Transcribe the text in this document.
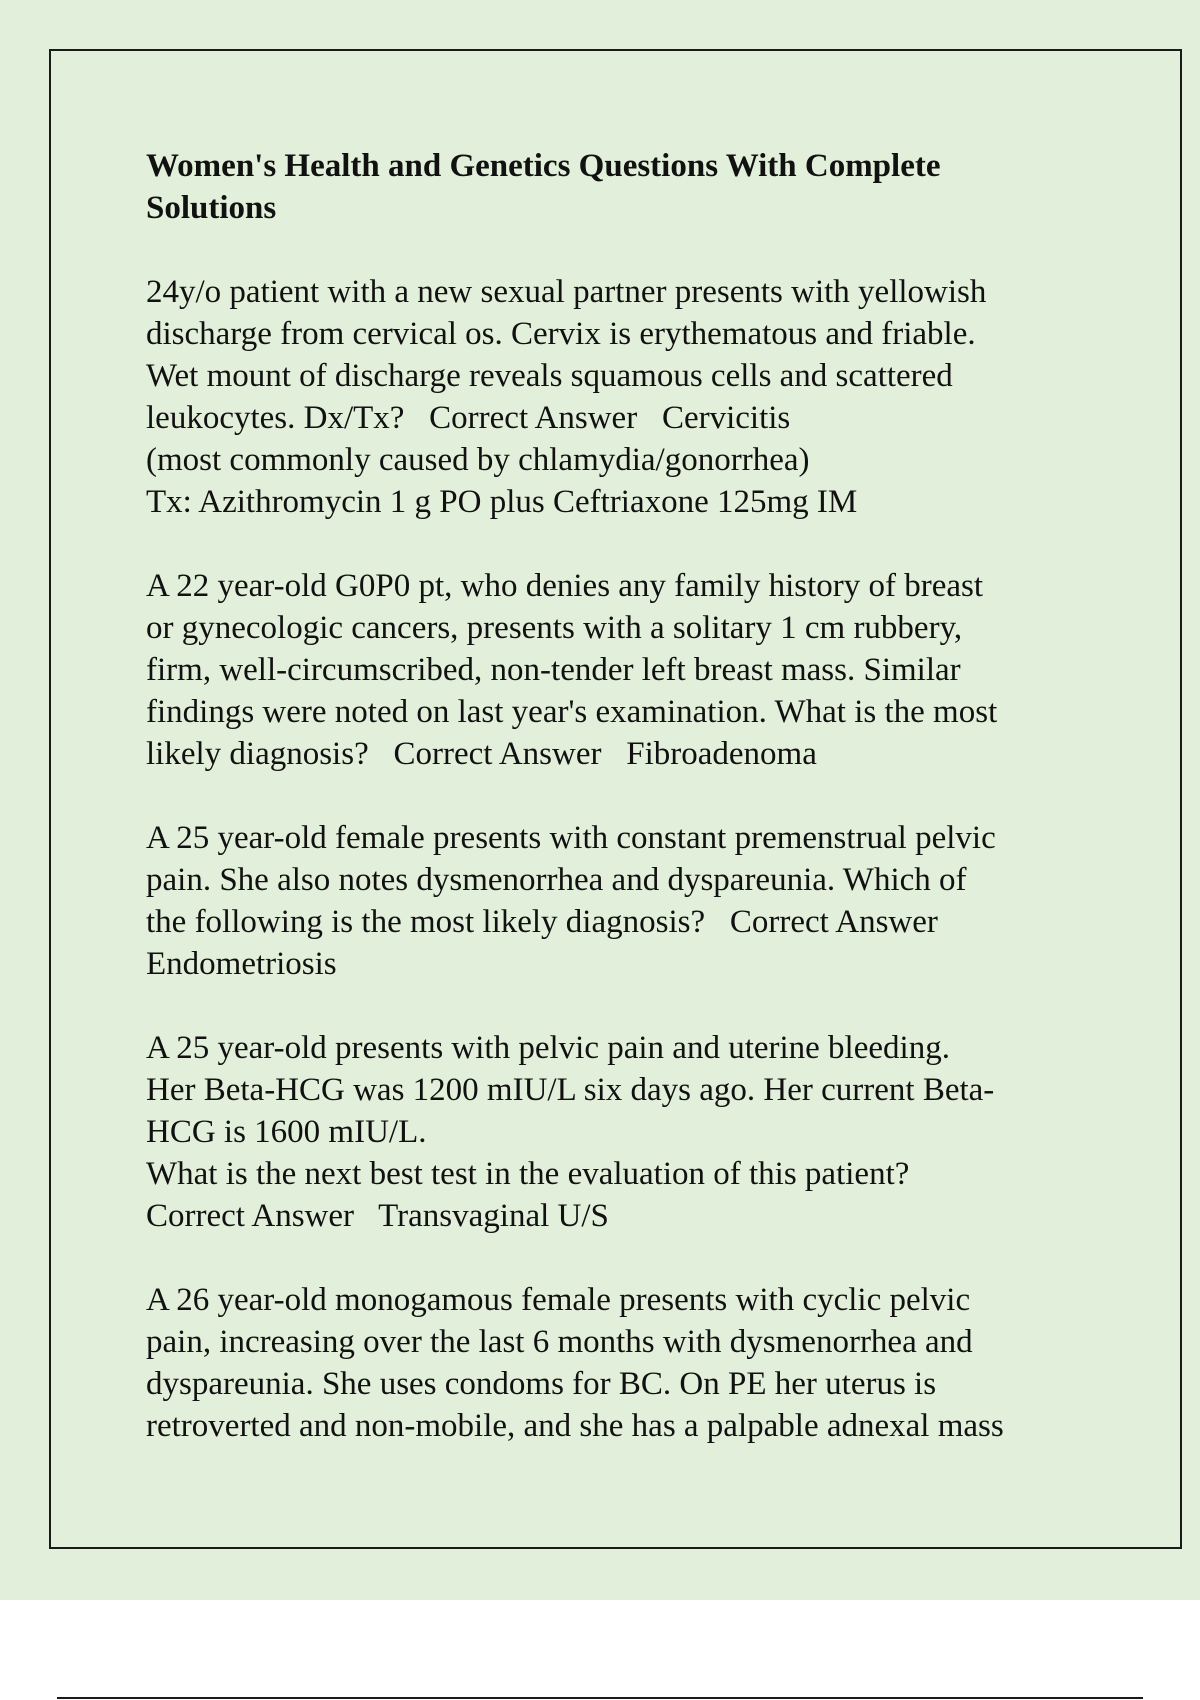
Women's Health and Genetics Questions With Complete
Solutions
24y/o patient with a new sexual partner presents with yellowish
discharge from cervical os. Cervix is erythematous and friable.
Wet mount of discharge reveals squamous cells and scattered
leukocytes. Dx/Tx?   Correct Answer   Cervicitis
(most commonly caused by chlamydia/gonorrhea)
Tx: Azithromycin 1 g PO plus Ceftriaxone 125mg IM
A 22 year-old G0P0 pt, who denies any family history of breast
or gynecologic cancers, presents with a solitary 1 cm rubbery,
firm, well-circumscribed, non-tender left breast mass. Similar
findings were noted on last year's examination. What is the most
likely diagnosis?   Correct Answer   Fibroadenoma
A 25 year-old female presents with constant premenstrual pelvic
pain. She also notes dysmenorrhea and dyspareunia. Which of
the following is the most likely diagnosis?   Correct Answer
Endometriosis
A 25 year-old presents with pelvic pain and uterine bleeding.
Her Beta-HCG was 1200 mIU/L six days ago. Her current Beta-
HCG is 1600 mIU/L.
What is the next best test in the evaluation of this patient?
Correct Answer   Transvaginal U/S
A 26 year-old monogamous female presents with cyclic pelvic
pain, increasing over the last 6 months with dysmenorrhea and
dyspareunia. She uses condoms for BC. On PE her uterus is
retroverted and non-mobile, and she has a palpable adnexal mass
